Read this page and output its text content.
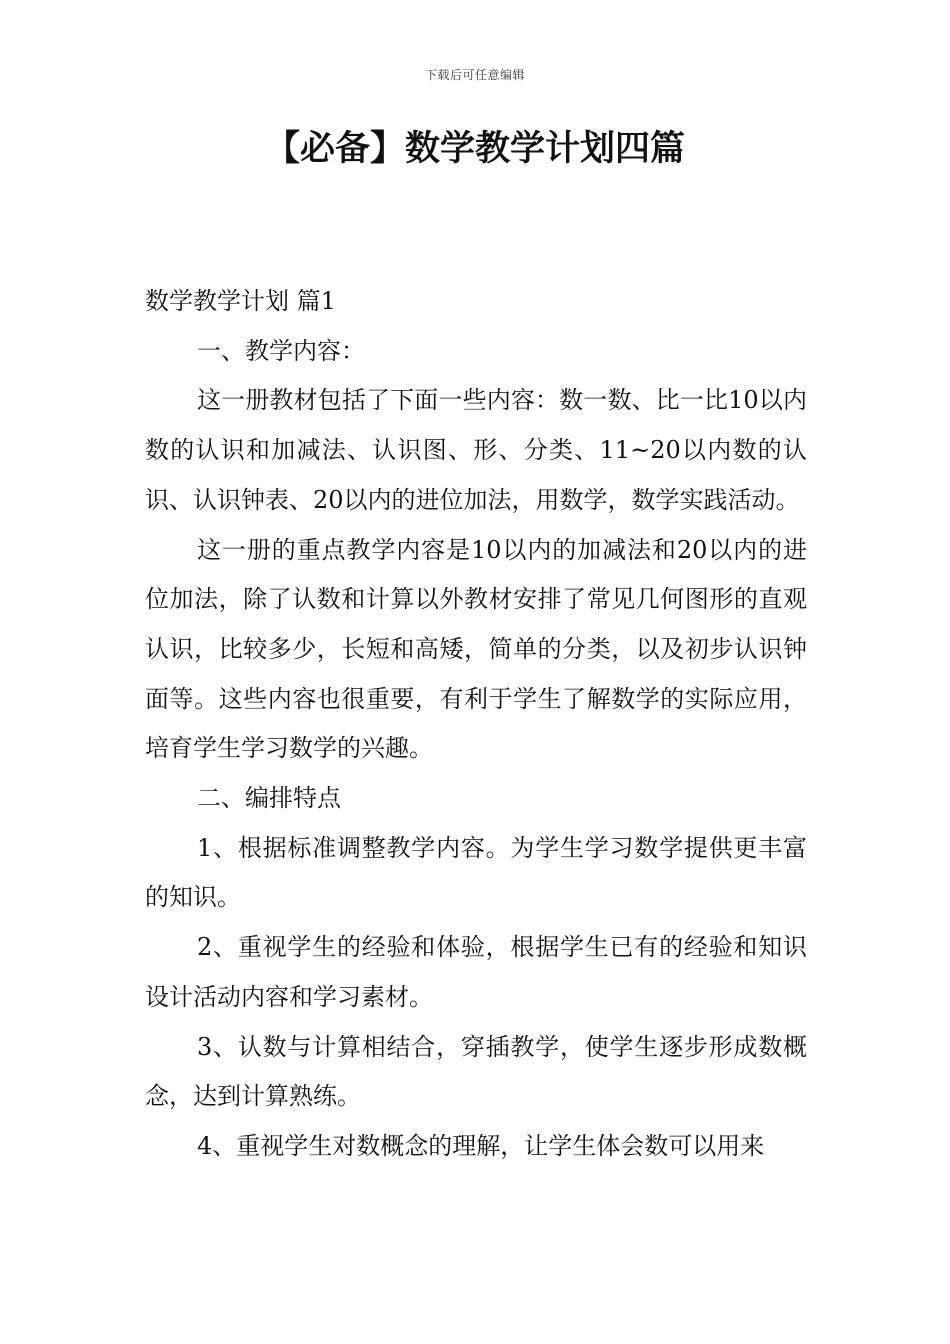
下载后可任意编辑
【必备】数学教学计划四篇

数学教学计划 篇1

一、教学内容：

这一册教材包括了下面一些内容：数一数、比一比10以内数的认识和加减法、认识图、形、分类、11~20以内数的认识、认识钟表、20以内的进位加法，用数学，数学实践活动。

这一册的重点教学内容是10以内的加减法和20以内的进位加法，除了认数和计算以外教材安排了常见几何图形的直观认识，比较多少，长短和高矮，简单的分类，以及初步认识钟面等。这些内容也很重要，有利于学生了解数学的实际应用，培育学生学习数学的兴趣。

二、编排特点

1、根据标准调整教学内容。为学生学习数学提供更丰富的知识。

2、重视学生的经验和体验，根据学生已有的经验和知识设计活动内容和学习素材。

3、认数与计算相结合，穿插教学，使学生逐步形成数概念，达到计算熟练。

4、重视学生对数概念的理解，让学生体会数可以用来
